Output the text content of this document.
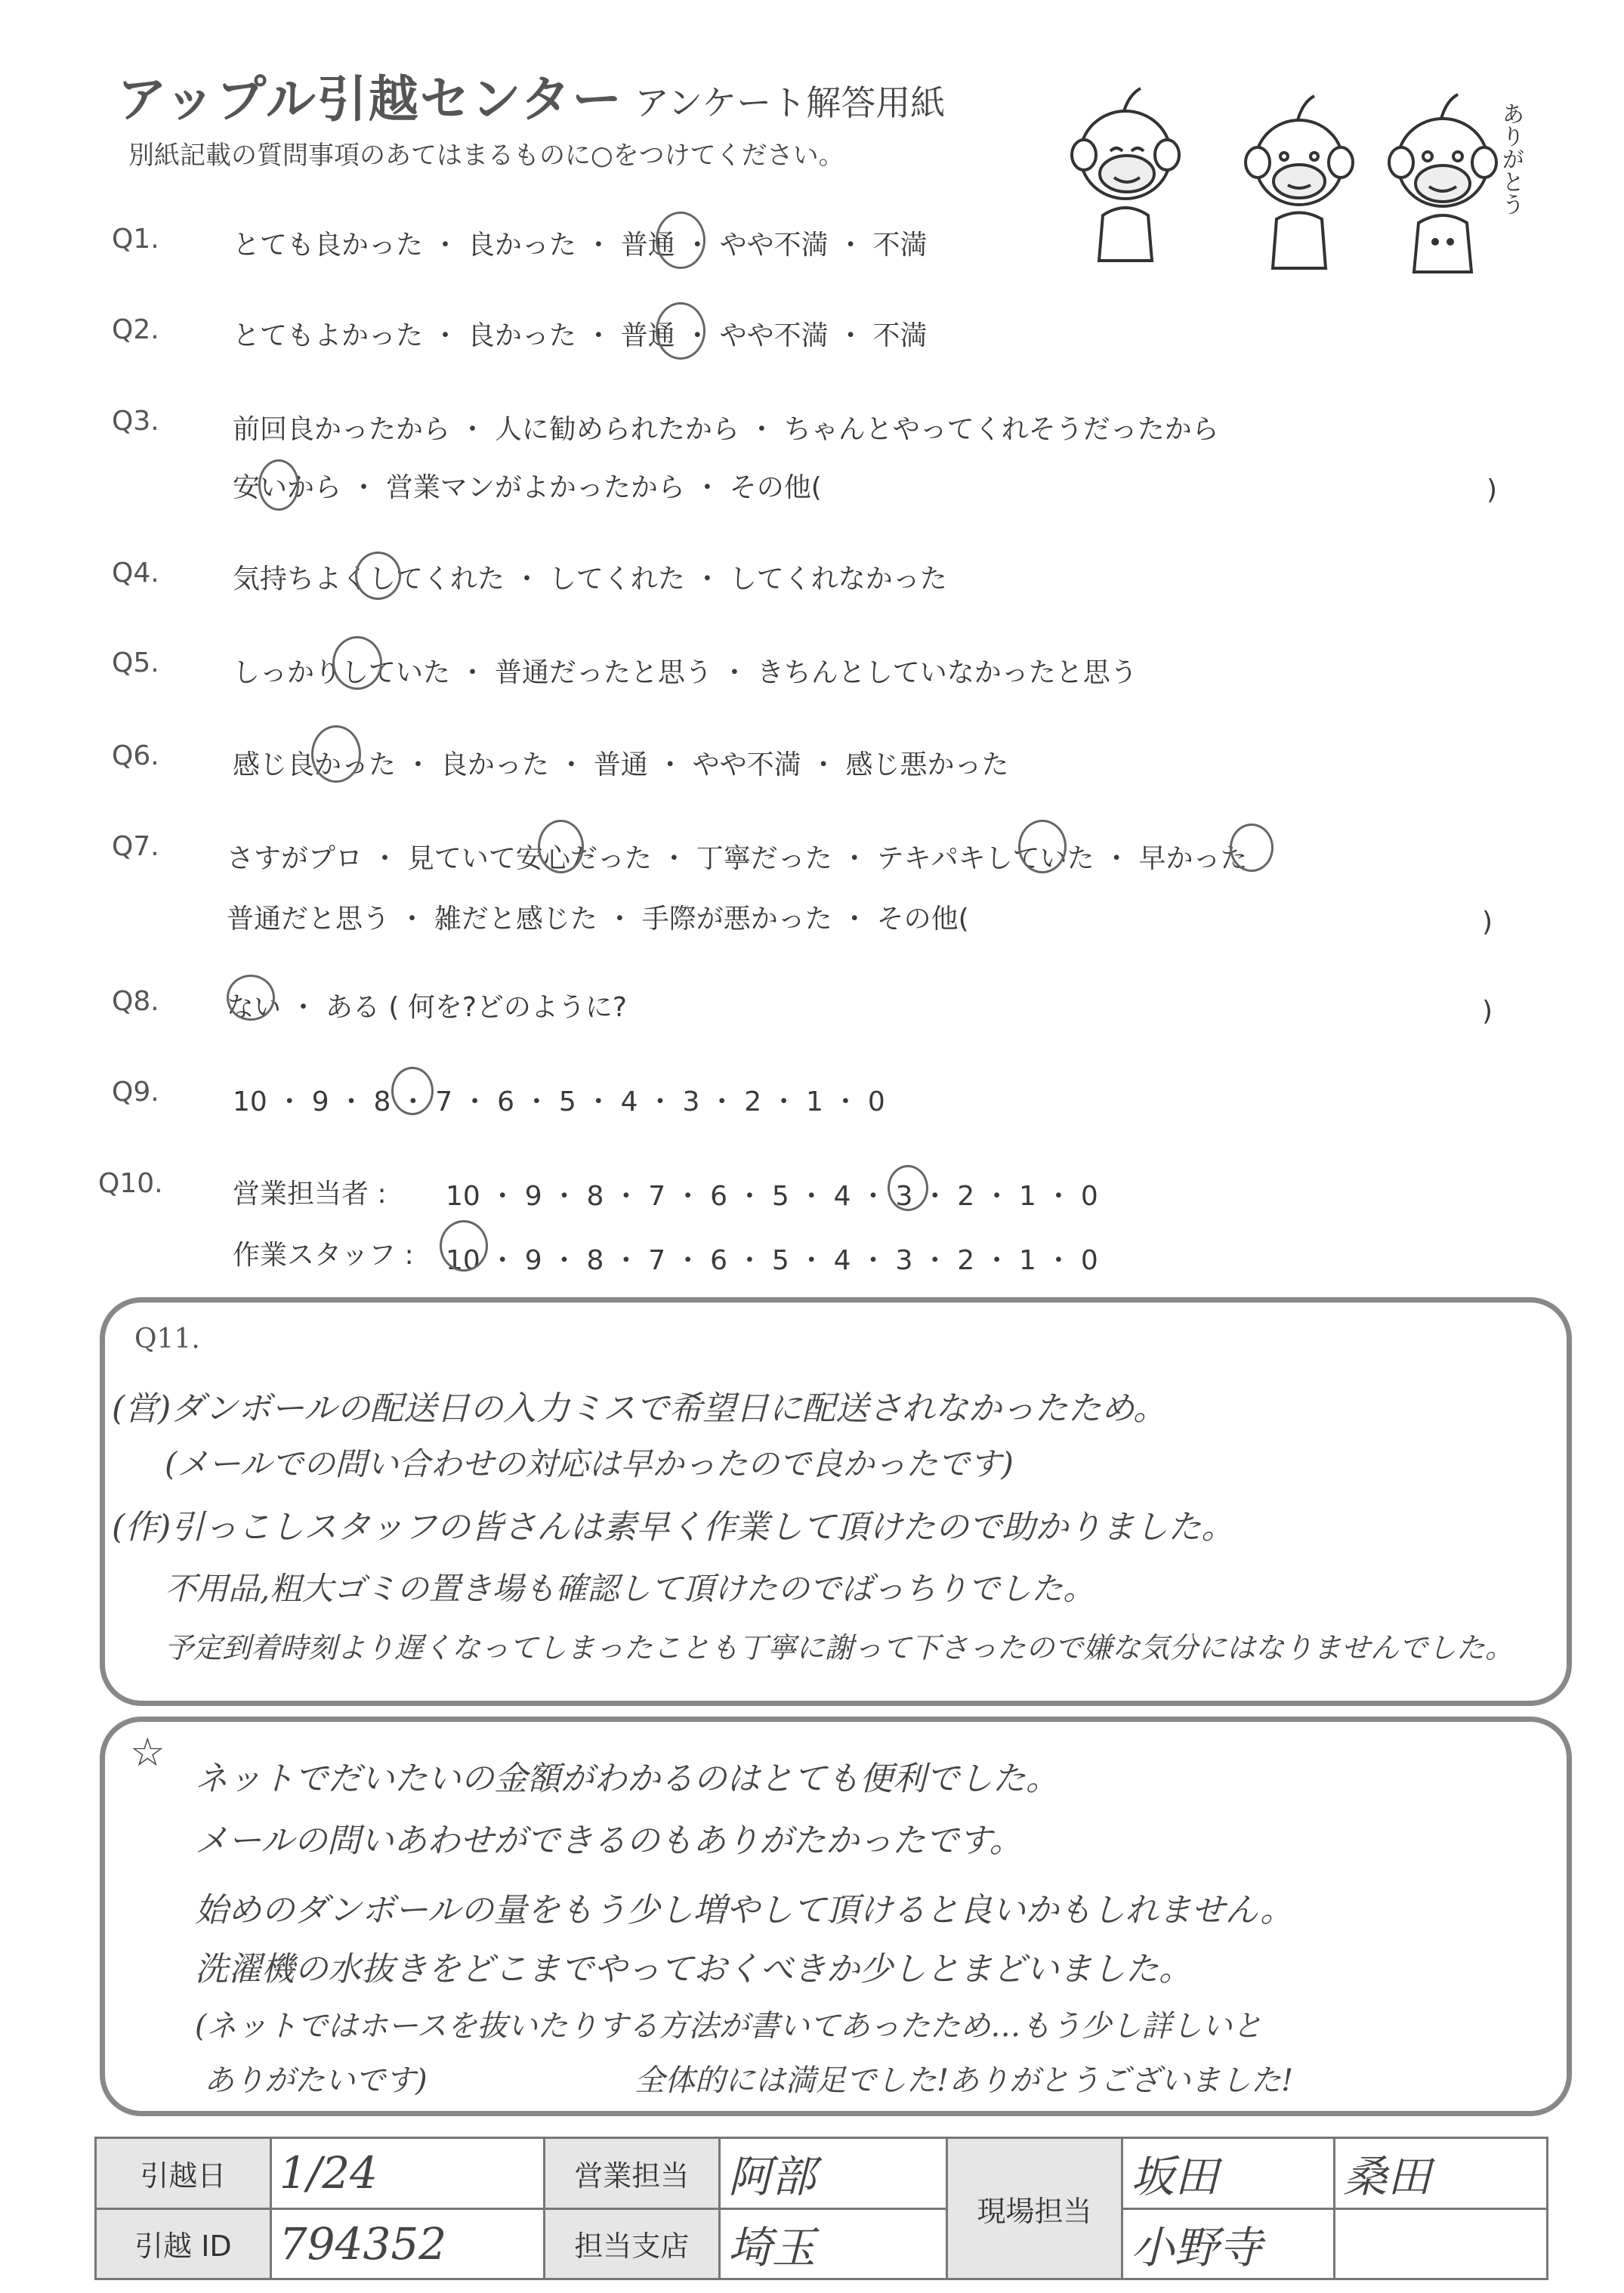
アップル引越センター アンケート解答用紙
別紙記載の質問事項のあてはまるものに○をつけてください。	ありがとう
Q1.	とても良かった ・ 良かった ・ 普通 ・ やや不満 ・ 不満
Q2.	とてもよかった ・ 良かった ・ 普通 ・ やや不満 ・ 不満
Q3.	前回良かったから ・ 人に勧められたから ・ ちゃんとやってくれそうだったから
安いから ・ 営業マンがよかったから ・ その他(	)
Q4.	気持ちよくしてくれた ・ してくれた ・ してくれなかった
Q5.	しっかりしていた ・ 普通だったと思う ・ きちんとしていなかったと思う
Q6.	感じ良かった ・ 良かった ・ 普通 ・ やや不満 ・ 感じ悪かった
Q7. さすがプロ ・ 見ていて安心だった ・ 丁寧だった ・ テキパキしていた ・ 早かった
普通だと思う ・ 雑だと感じた ・ 手際が悪かった ・ その他(	)
Q8. ない ・ ある ( 何を?どのように?	)
Q9.	10 ・ 9 ・ 8 ・ 7 ・ 6 ・ 5 ・ 4 ・ 3 ・ 2 ・ 1 ・ 0
Q10.	営業担当者 : 10 ・ 9 ・ 8 ・ 7 ・ 6 ・ 5 ・ 4 ・ 3 ・ 2 ・ 1 ・ 0
作業スタッフ : 10 ・ 9 ・ 8 ・ 7 ・ 6 ・ 5 ・ 4 ・ 3 ・ 2 ・ 1 ・ 0
Q11.
(営)ダンボールの配送日の入力ミスで希望日に配送されなかったため。
(メールでの問い合わせの対応は早かったので良かったです)
(作)引っこしスタッフの皆さんは素早く作業して頂けたので助かりました。
不用品,粗大ゴミの置き場も確認して頂けたのでばっちりでした。
予定到着時刻より遅くなってしまったことも丁寧に謝って下さったので嫌な気分にはなりませんでした。
☆
ネットでだいたいの金額がわかるのはとても便利でした。
メールの問いあわせができるのもありがたかったです。
始めのダンボールの量をもう少し増やして頂けると良いかもしれません。
洗濯機の水抜きをどこまでやっておくべきか少しとまどいました。
(ネットではホースを抜いたりする方法が書いてあったため…もう少し詳しいと
ありがたいです)	全体的には満足でした!ありがとうございました!
引越日	1/24	営業担当	阿部	現場担当	坂田	桑田
引越 ID	794352	担当支店	埼玉		小野寺	
